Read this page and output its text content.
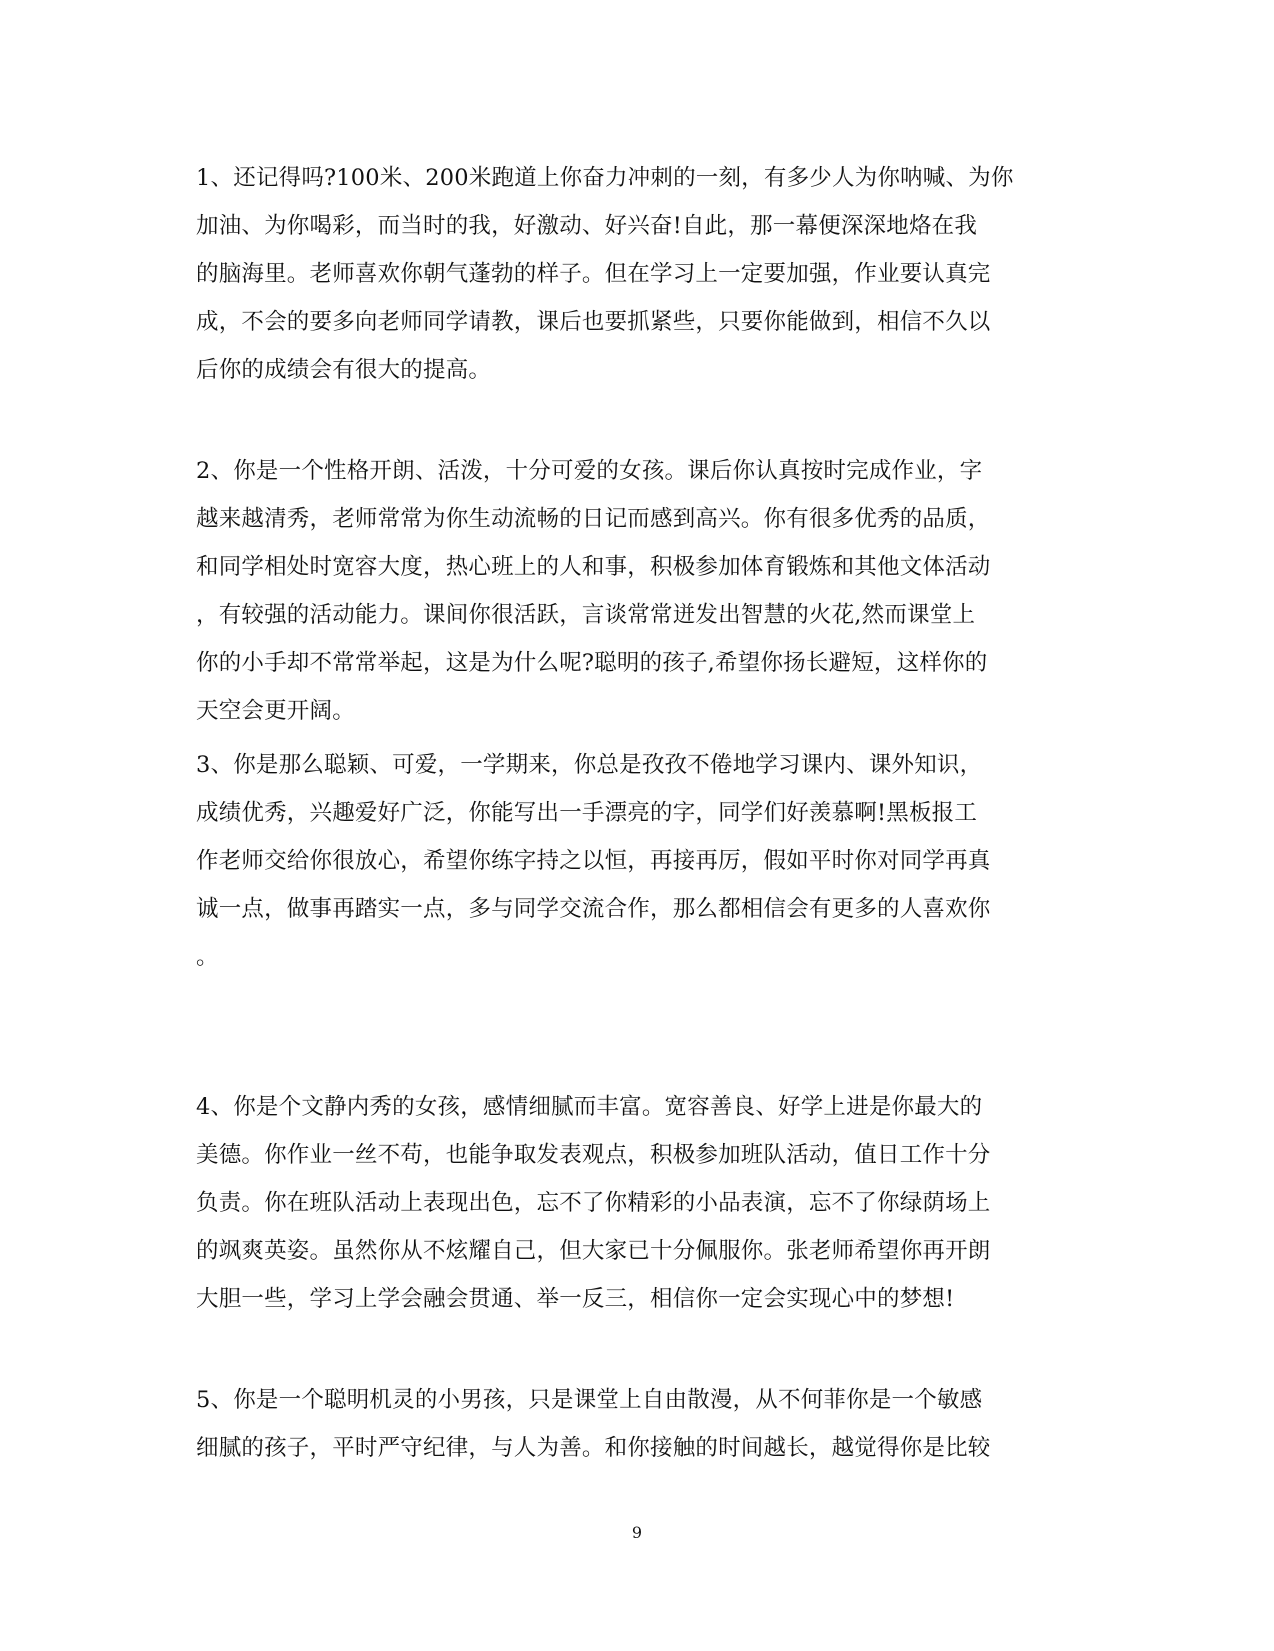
1、还记得吗?100米、200米跑道上你奋力冲刺的一刻，有多少人为你呐喊、为你
加油、为你喝彩，而当时的我，好激动、好兴奋!自此，那一幕便深深地烙在我
的脑海里。老师喜欢你朝气蓬勃的样子。但在学习上一定要加强，作业要认真完
成，不会的要多向老师同学请教，课后也要抓紧些，只要你能做到，相信不久以
后你的成绩会有很大的提高。
2、你是一个性格开朗、活泼，十分可爱的女孩。课后你认真按时完成作业，字
越来越清秀，老师常常为你生动流畅的日记而感到高兴。你有很多优秀的品质，
和同学相处时宽容大度，热心班上的人和事，积极参加体育锻炼和其他文体活动
，有较强的活动能力。课间你很活跃，言谈常常迸发出智慧的火花,然而课堂上
你的小手却不常常举起，这是为什么呢?聪明的孩子,希望你扬长避短，这样你的
天空会更开阔。
3、你是那么聪颖、可爱，一学期来，你总是孜孜不倦地学习课内、课外知识，
成绩优秀，兴趣爱好广泛，你能写出一手漂亮的字，同学们好羡慕啊!黑板报工
作老师交给你很放心，希望你练字持之以恒，再接再厉，假如平时你对同学再真
诚一点，做事再踏实一点，多与同学交流合作，那么都相信会有更多的人喜欢你
。
4、你是个文静内秀的女孩，感情细腻而丰富。宽容善良、好学上进是你最大的
美德。你作业一丝不苟，也能争取发表观点，积极参加班队活动，值日工作十分
负责。你在班队活动上表现出色，忘不了你精彩的小品表演，忘不了你绿荫场上
的飒爽英姿。虽然你从不炫耀自己，但大家已十分佩服你。张老师希望你再开朗
大胆一些，学习上学会融会贯通、举一反三，相信你一定会实现心中的梦想!
5、你是一个聪明机灵的小男孩，只是课堂上自由散漫，从不何菲你是一个敏感
细腻的孩子，平时严守纪律，与人为善。和你接触的时间越长，越觉得你是比较
9
